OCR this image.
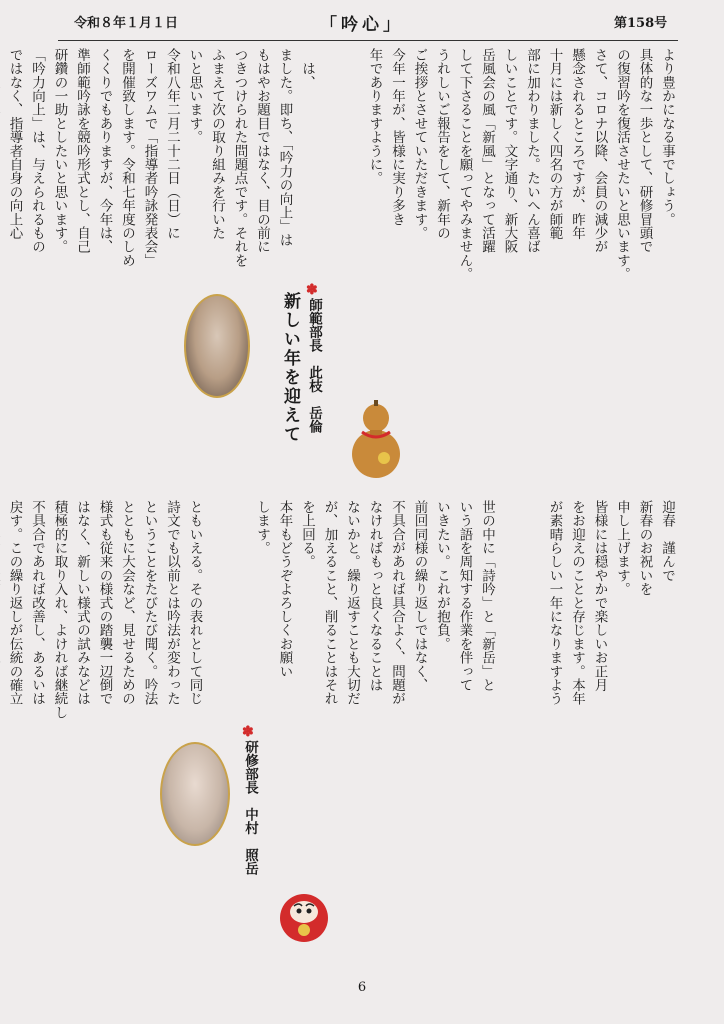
令和８年１月１日	「吟心」	第158号
より豊かになる事でしょう。
具体的な一歩として、研修冒頭で
の復習吟を復活させたいと思います。
さて、コロナ以降、会員の減少が
懸念されるところですが、昨年
十月には新しく四名の方が師範
部に加わりました。たいへん喜ば
しいことです。文字通り、新大阪
岳風会の風「新風」となって活躍
して下さることを願ってやみません。
うれしいご報告をして、新年の
ご挨拶とさせていただきます。
今年一年が、皆様に実り多き
年でありますように。

　は、
ました。即ち、「吟力の向上」は
もはやお題目ではなく、目の前に
つきつけられた問題点です。それを
ふまえて次の取り組みを行いた
いと思います。
令和八年二月二十二日（日）に
ローズワムで「指導者吟詠発表会」
を開催致します。令和七年度のしめ
くくりでもありますが、今年は、
準師範吟詠を競吟形式とし、自己
研鑽の一助としたいと思います。
「吟力向上」は、与えられるもの
ではなく、指導者自身の向上心

迎春　謹んで
新春のお祝いを
申し上げます。
皆様には穏やかで楽しいお正月
をお迎えのことと存じます。本年
が素晴らしい一年になりますよう

世の中に「詩吟」と「新岳」と
いう語を周知する作業を伴って
いきたい。これが抱負。
前回同様の繰り返しではなく、
不具合があれば具合よく、問題が
なければもっと良くなることは
ないかと。繰り返すことも大切だ
が、加えること、削ることはそれ
を上回る。
本年もどうぞよろしくお願い
します。

ともいえる。その表れとして同じ
詩文でも以前とは吟法が変わった
ということをたびたび聞く。吟法
とともに大会など、見せるための
様式も従来の様式の踏襲一辺倒で
はなく、新しい様式の試みなどは
積極的に取り入れ、よければ継続し
不具合であれば改善し、あるいは
戻す。この繰り返しが伝統の確立

新しい年を迎えて
✽
師範部長　此枝　岳倫
✽
研修部長　中村　照岳
6
